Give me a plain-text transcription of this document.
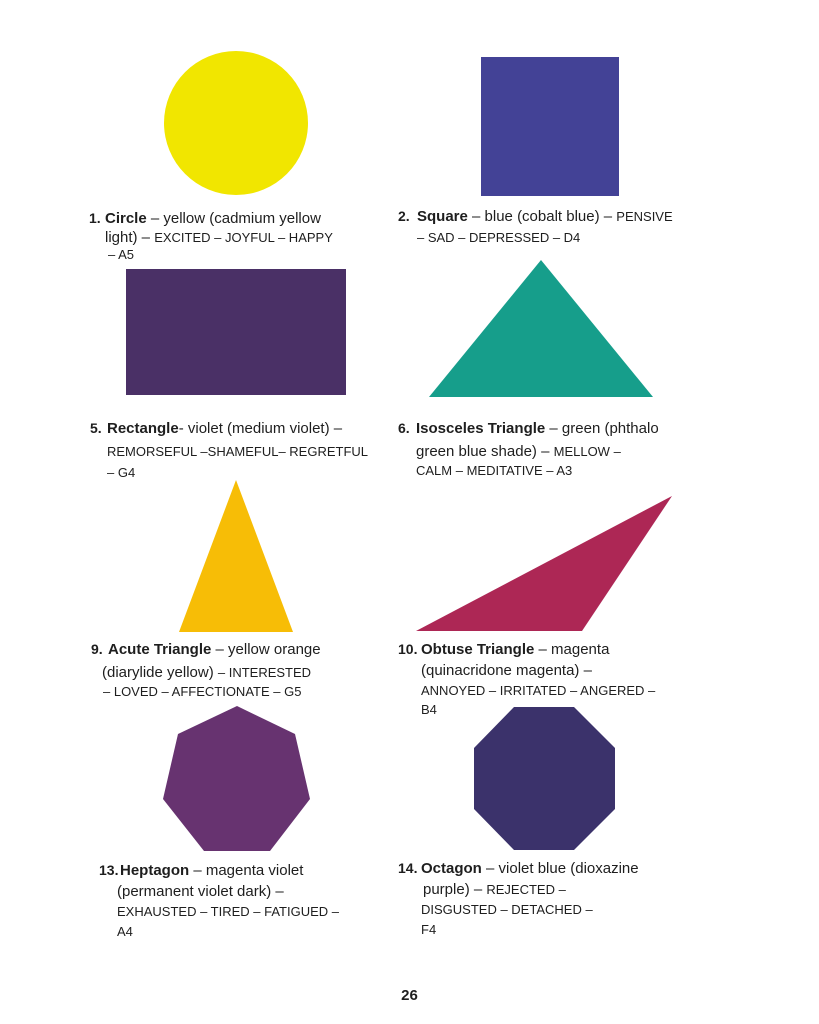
1. Circle – yellow (cadmium yellow
light) – EXCITED – JOYFUL – HAPPY
– A5
2. Square – blue (cobalt blue) – PENSIVE
– SAD – DEPRESSED – D4
5. Rectangle- violet (medium violet) –
REMORSEFUL –SHAMEFUL– REGRETFUL
– G4
6. Isosceles Triangle – green (phthalo
green blue shade) – MELLOW –
CALM – MEDITATIVE – A3
9. Acute Triangle – yellow orange
(diarylide yellow) – INTERESTED
– LOVED – AFFECTIONATE – G5
10. Obtuse Triangle – magenta
(quinacridone magenta) –
ANNOYED – IRRITATED – ANGERED –
B4
13. Heptagon – magenta violet
(permanent violet dark) –
EXHAUSTED – TIRED – FATIGUED –
A4
14. Octagon – violet blue (dioxazine
purple) – REJECTED –
DISGUSTED – DETACHED –
F4
26
